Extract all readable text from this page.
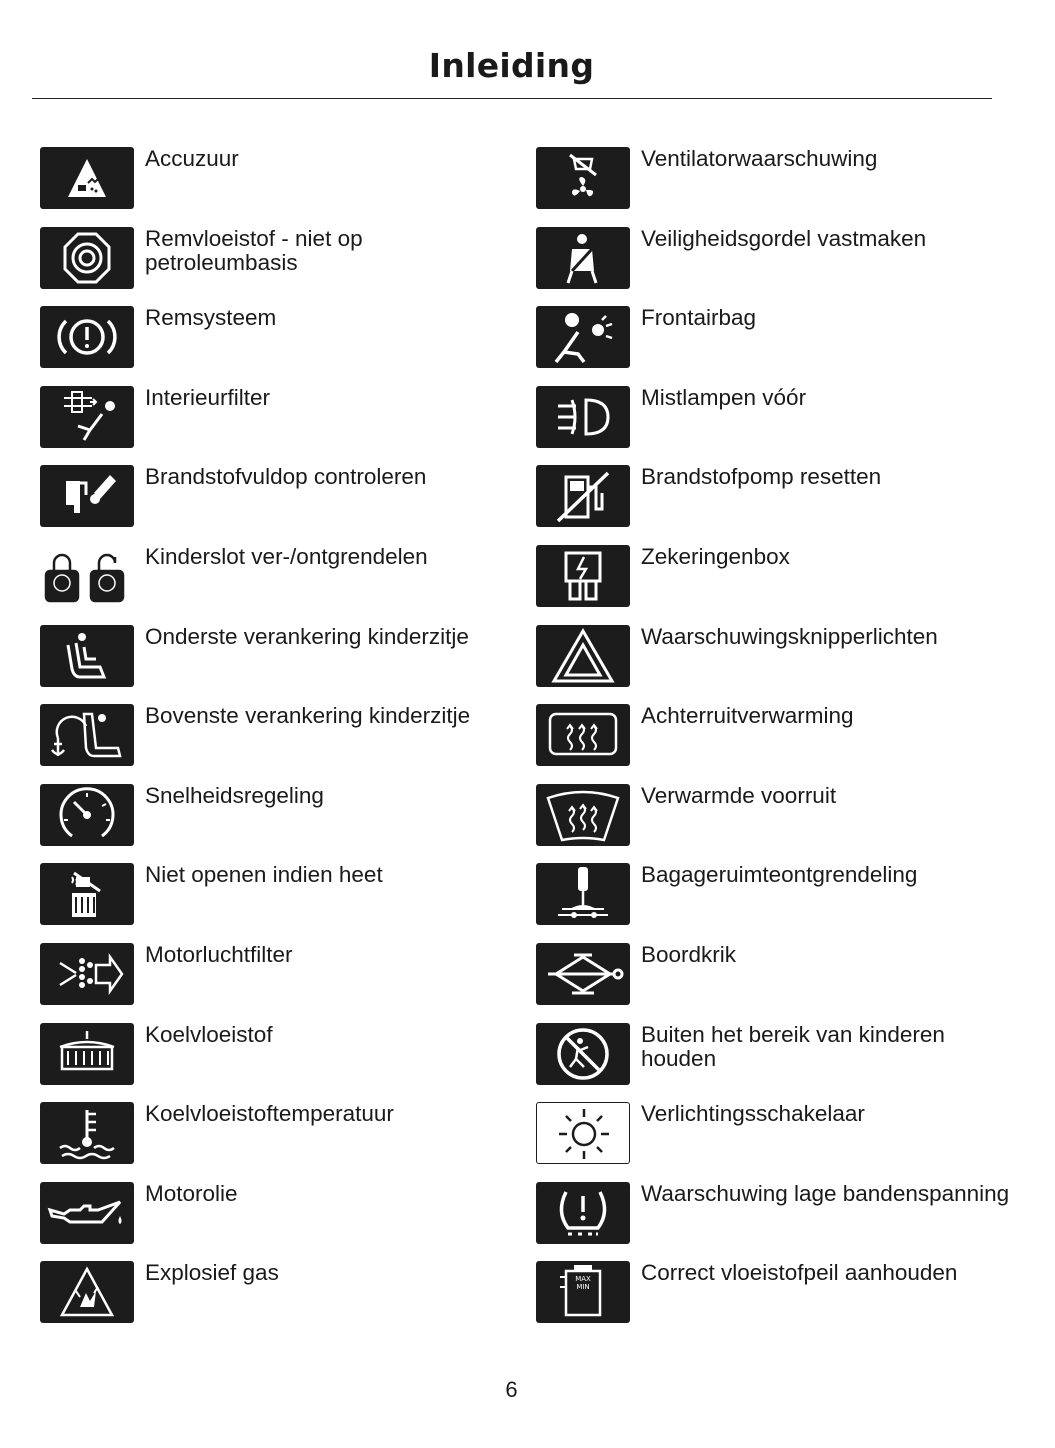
Inleiding
Accuzuur
Remvloeistof - niet op petroleumbasis
Remsysteem
Interieurfilter
Brandstofvuldop controleren
Kinderslot ver-/ontgrendelen
Onderste verankering kinderzitje
Bovenste verankering kinderzitje
Snelheidsregeling
Niet openen indien heet
Motorluchtfilter
Koelvloeistof
Koelvloeistoftemperatuur
Motorolie
Explosief gas
Ventilatorwaarschuwing
Veiligheidsgordel vastmaken
Frontairbag
Mistlampen vóór
Brandstofpomp resetten
Zekeringenbox
Waarschuwingsknipperlichten
Achterruitverwarming
Verwarmde voorruit
Bagageruimteontgrendeling
Boordkrik
Buiten het bereik van kinderen houden
Verlichtingsschakelaar
Waarschuwing lage bandenspanning
MAX
MIN
Correct vloeistofpeil aanhouden
6
